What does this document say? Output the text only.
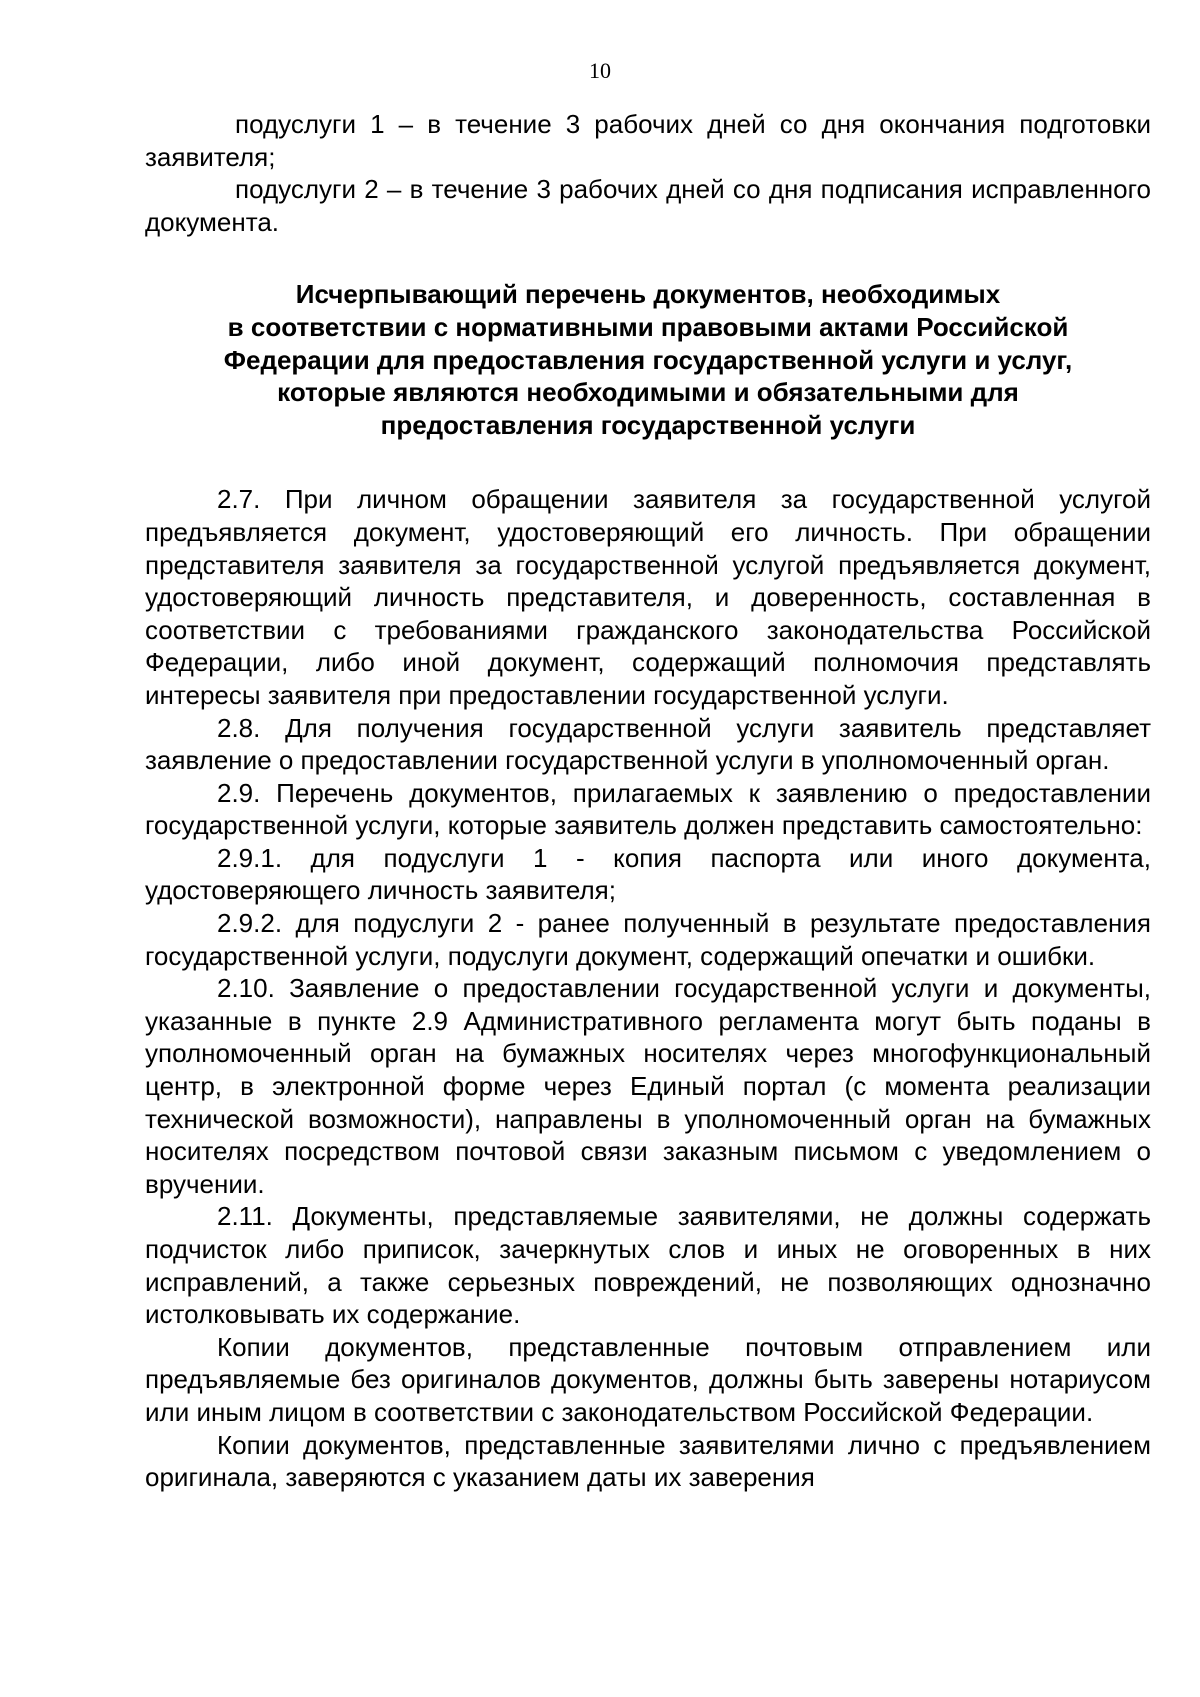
10

подуслуги 1 – в течение 3 рабочих дней со дня окончания подготовки заявителя;

подуслуги 2 – в течение 3 рабочих дней со дня подписания исправленного документа.

Исчерпывающий перечень документов, необходимых
в соответствии с нормативными правовыми актами Российской
Федерации для предоставления государственной услуги и услуг,
которые являются необходимыми и обязательными для
предоставления государственной услуги

2.7. При личном обращении заявителя за государственной услугой предъявляется документ, удостоверяющий его личность. При обращении представителя заявителя за государственной услугой предъявляется документ, удостоверяющий личность представителя, и доверенность, составленная в соответствии с требованиями гражданского законодательства Российской Федерации, либо иной документ, содержащий полномочия представлять интересы заявителя при предоставлении государственной услуги.

2.8. Для получения государственной услуги заявитель представляет заявление о предоставлении государственной услуги в уполномоченный орган.

2.9. Перечень документов, прилагаемых к заявлению о предоставлении государственной услуги, которые заявитель должен представить самостоятельно:

2.9.1. для подуслуги 1 - копия паспорта или иного документа, удостоверяющего личность заявителя;

2.9.2. для подуслуги 2 - ранее полученный в результате предоставления государственной услуги, подуслуги документ, содержащий опечатки и ошибки.

2.10. Заявление о предоставлении государственной услуги и документы, указанные в пункте 2.9 Административного регламента могут быть поданы в уполномоченный орган на бумажных носителях через многофункциональный центр, в электронной форме через Единый портал (с момента реализации технической возможности), направлены в уполномоченный орган на бумажных носителях посредством почтовой связи заказным письмом с уведомлением о вручении.

2.11. Документы, представляемые заявителями, не должны содержать подчисток либо приписок, зачеркнутых слов и иных не оговоренных в них исправлений, а также серьезных повреждений, не позволяющих однозначно истолковывать их содержание.

Копии документов, представленные почтовым отправлением или предъявляемые без оригиналов документов, должны быть заверены нотариусом или иным лицом в соответствии с законодательством Российской Федерации.

Копии документов, представленные заявителями лично с предъявлением оригинала, заверяются с указанием даты их заверения
